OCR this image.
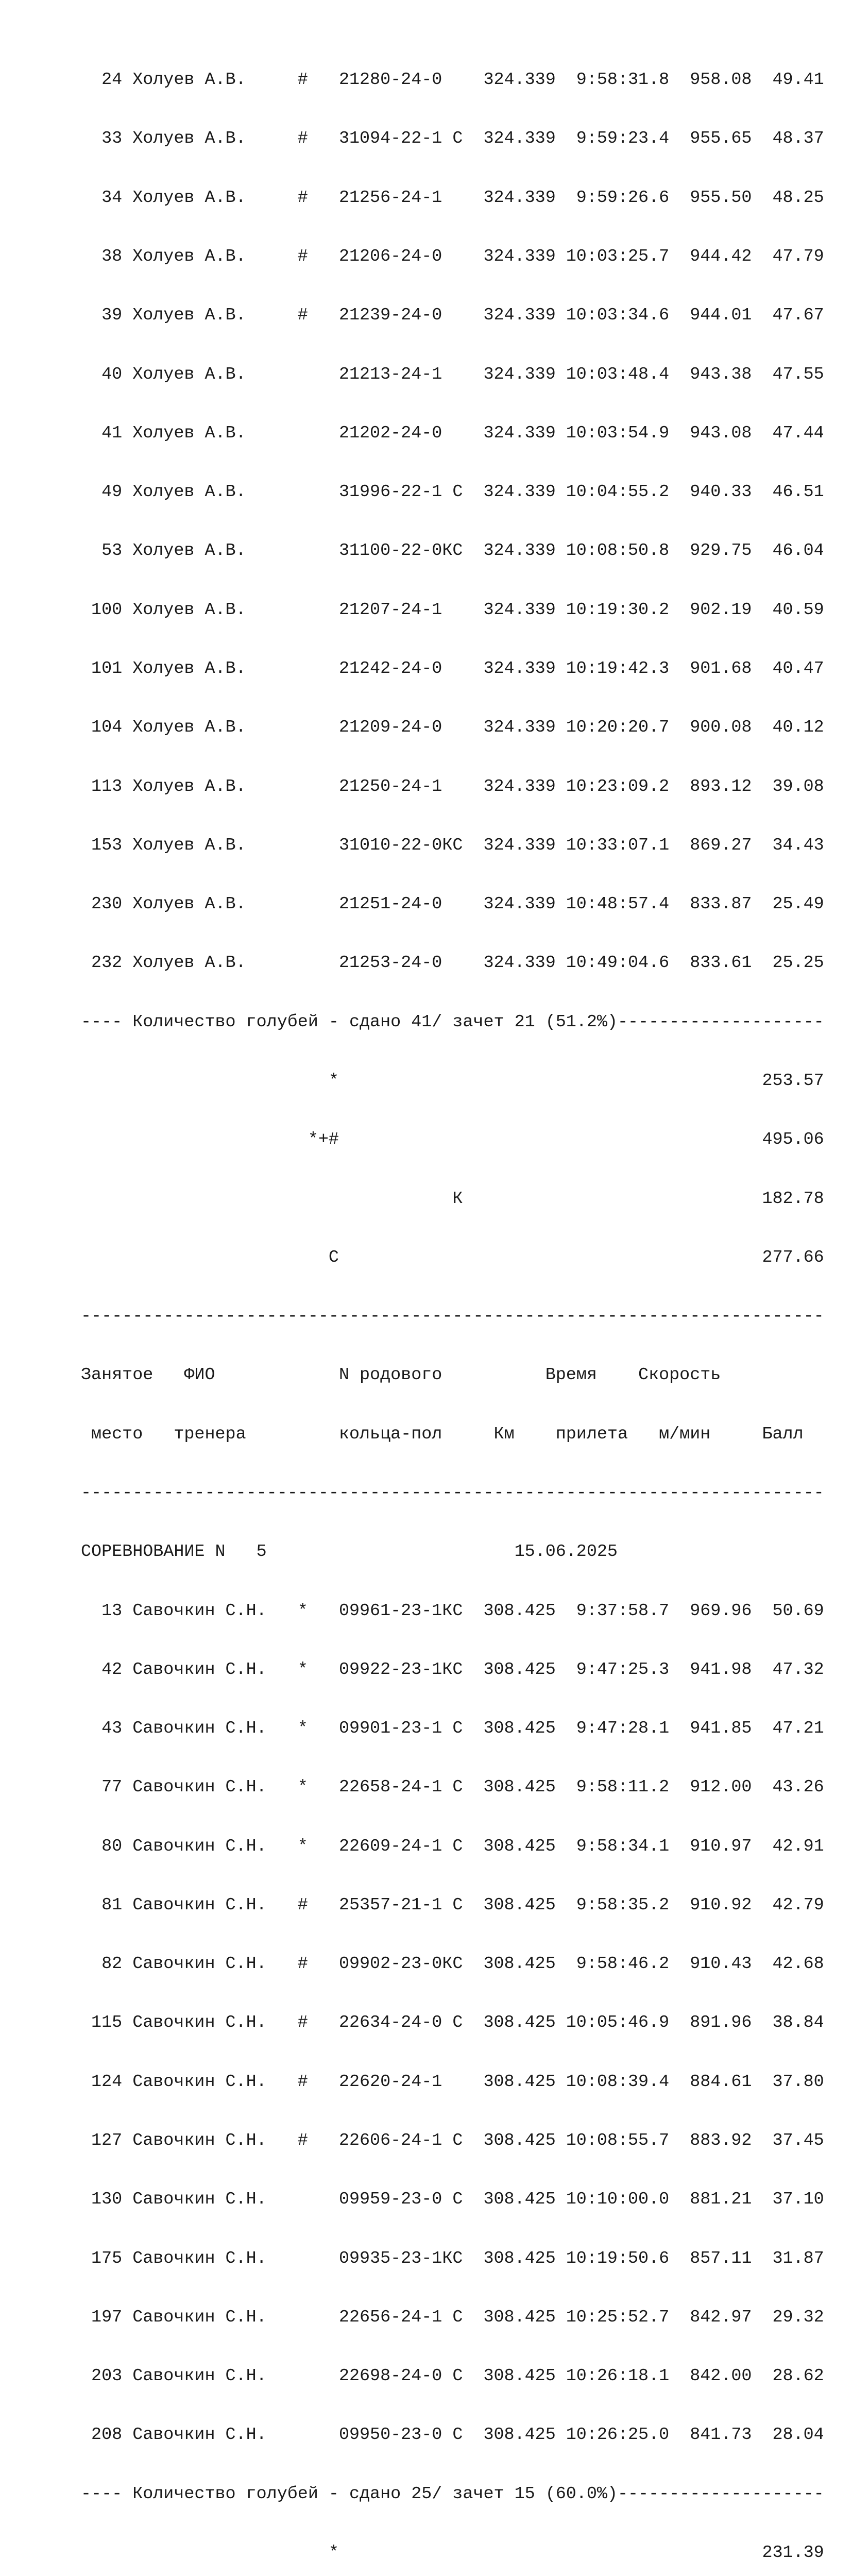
24 Холуев А.В.     #   21280-24-0    324.339  9:58:31.8  958.08  49.41

33 Холуев А.В.     #   31094-22-1 С  324.339  9:59:23.4  955.65  48.37

34 Холуев А.В.     #   21256-24-1    324.339  9:59:26.6  955.50  48.25

38 Холуев А.В.     #   21206-24-0    324.339 10:03:25.7  944.42  47.79

39 Холуев А.В.     #   21239-24-0    324.339 10:03:34.6  944.01  47.67

40 Холуев А.В.         21213-24-1    324.339 10:03:48.4  943.38  47.55

41 Холуев А.В.         21202-24-0    324.339 10:03:54.9  943.08  47.44

49 Холуев А.В.         31996-22-1 С  324.339 10:04:55.2  940.33  46.51

53 Холуев А.В.         31100-22-0КС  324.339 10:08:50.8  929.75  46.04

100 Холуев А.В.         21207-24-1    324.339 10:19:30.2  902.19  40.59

101 Холуев А.В.         21242-24-0    324.339 10:19:42.3  901.68  40.47

104 Холуев А.В.         21209-24-0    324.339 10:20:20.7  900.08  40.12

113 Холуев А.В.         21250-24-1    324.339 10:23:09.2  893.12  39.08

153 Холуев А.В.         31010-22-0КС  324.339 10:33:07.1  869.27  34.43

230 Холуев А.В.         21251-24-0    324.339 10:48:57.4  833.87  25.49

232 Холуев А.В.         21253-24-0    324.339 10:49:04.6  833.61  25.25

---- Количество голубей - сдано 41/ зачет 21 (51.2%)--------------------

*                                         253.57

*+#                                         495.06

К                             182.78

С                                         277.66

------------------------------------------------------------------------

Занятое   ФИО            N родового          Время    Скорость

место   тренера         кольца-пол     Км    прилета   м/мин     Балл

------------------------------------------------------------------------

СОРЕВНОВАНИЕ N   5                        15.06.2025

13 Савочкин С.Н.   *   09961-23-1КС  308.425  9:37:58.7  969.96  50.69

42 Савочкин С.Н.   *   09922-23-1КС  308.425  9:47:25.3  941.98  47.32

43 Савочкин С.Н.   *   09901-23-1 С  308.425  9:47:28.1  941.85  47.21

77 Савочкин С.Н.   *   22658-24-1 С  308.425  9:58:11.2  912.00  43.26

80 Савочкин С.Н.   *   22609-24-1 С  308.425  9:58:34.1  910.97  42.91

81 Савочкин С.Н.   #   25357-21-1 С  308.425  9:58:35.2  910.92  42.79

82 Савочкин С.Н.   #   09902-23-0КС  308.425  9:58:46.2  910.43  42.68

115 Савочкин С.Н.   #   22634-24-0 С  308.425 10:05:46.9  891.96  38.84

124 Савочкин С.Н.   #   22620-24-1    308.425 10:08:39.4  884.61  37.80

127 Савочкин С.Н.   #   22606-24-1 С  308.425 10:08:55.7  883.92  37.45

130 Савочкин С.Н.       09959-23-0 С  308.425 10:10:00.0  881.21  37.10

175 Савочкин С.Н.       09935-23-1КС  308.425 10:19:50.6  857.11  31.87

197 Савочкин С.Н.       22656-24-1 С  308.425 10:25:52.7  842.97  29.32

203 Савочкин С.Н.       22698-24-0 С  308.425 10:26:18.1  842.00  28.62

208 Савочкин С.Н.       09950-23-0 С  308.425 10:26:25.0  841.73  28.04

---- Количество голубей - сдано 25/ зачет 15 (60.0%)--------------------

*                                         231.39
